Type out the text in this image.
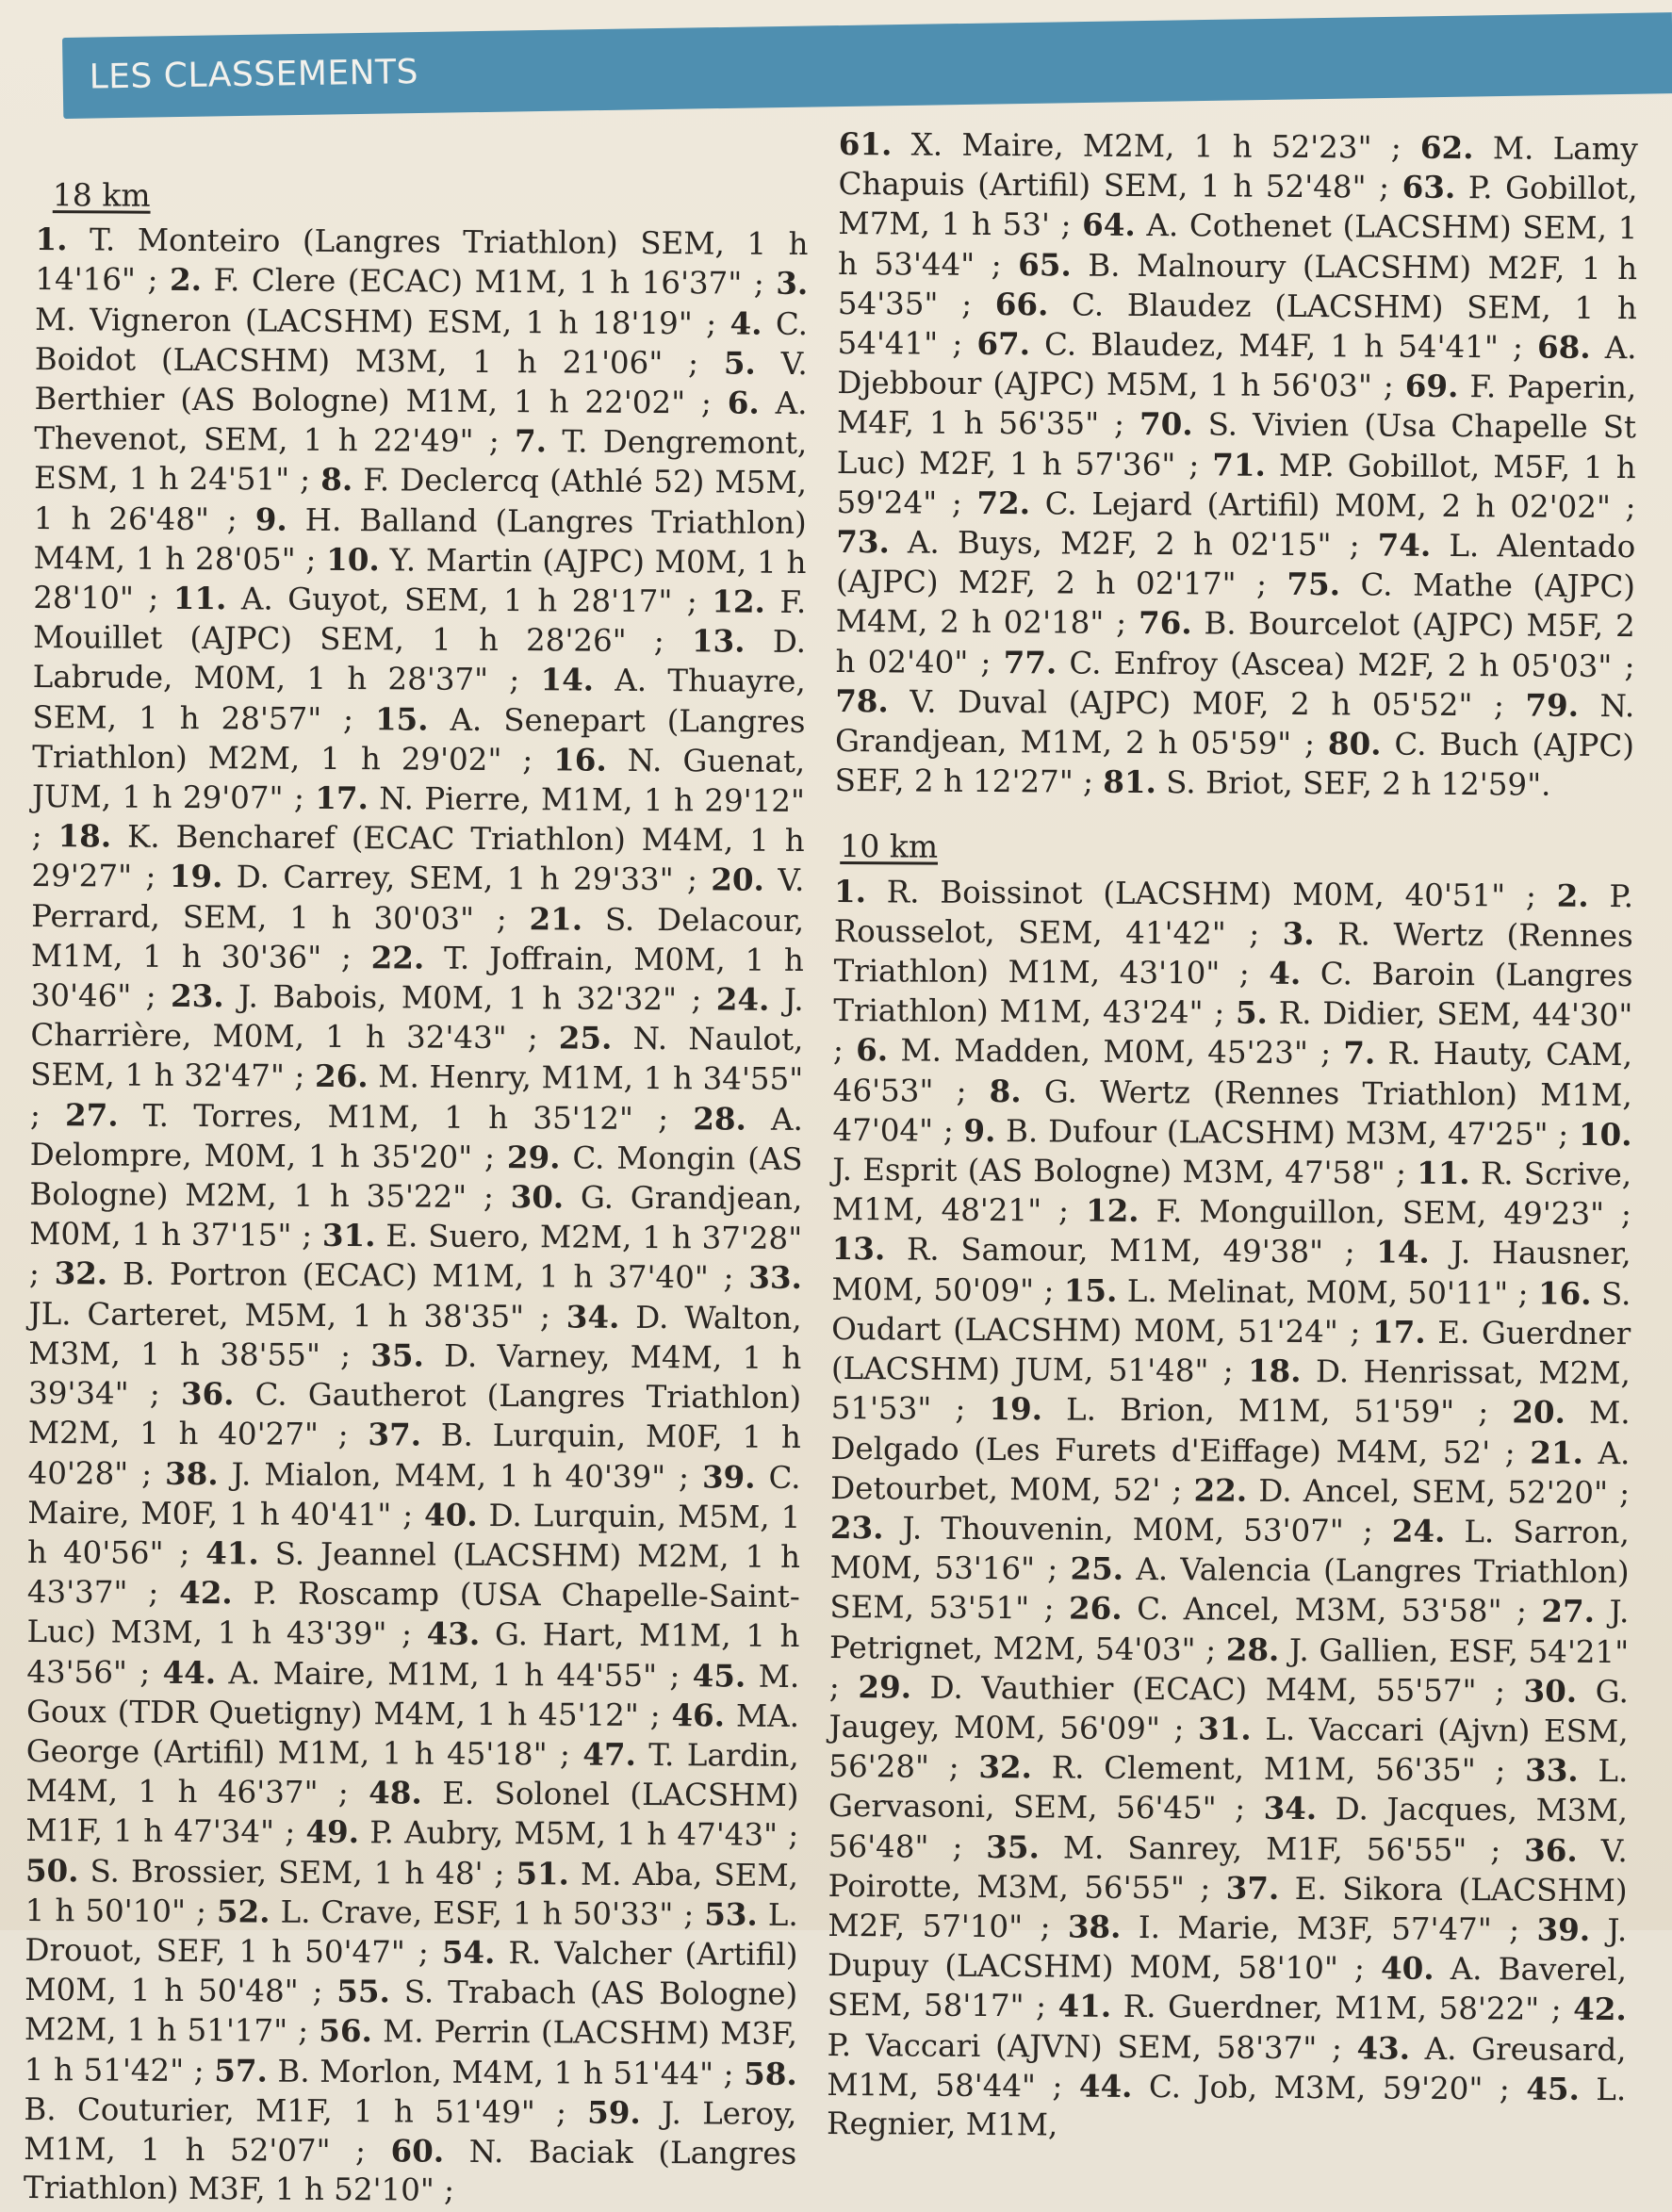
LES CLASSEMENTS
18 km

1. T. Monteiro (Langres Triathlon) SEM, 1 h 14'16" ; 2. F. Clere (ECAC) M1M, 1 h 16'37" ; 3. M. Vigneron (LACSHM) ESM, 1 h 18'19" ; 4. C. Boidot (LACSHM) M3M, 1 h 21'06" ; 5. V. Berthier (AS Bologne) M1M, 1 h 22'02" ; 6. A. Thevenot, SEM, 1 h 22'49" ; 7. T. Dengremont, ESM, 1 h 24'51" ; 8. F. Declercq (Athlé 52) M5M, 1 h 26'48" ; 9. H. Balland (Langres Triathlon) M4M, 1 h 28'05" ; 10. Y. Martin (AJPC) M0M, 1 h 28'10" ; 11. A. Guyot, SEM, 1 h 28'17" ; 12. F. Mouillet (AJPC) SEM, 1 h 28'26" ; 13. D. Labrude, M0M, 1 h 28'37" ; 14. A. Thuayre, SEM, 1 h 28'57" ; 15. A. Senepart (Langres Triathlon) M2M, 1 h 29'02" ; 16. N. Guenat, JUM, 1 h 29'07" ; 17. N. Pierre, M1M, 1 h 29'12" ; 18. K. Bencharef (ECAC Triathlon) M4M, 1 h 29'27" ; 19. D. Carrey, SEM, 1 h 29'33" ; 20. V. Perrard, SEM, 1 h 30'03" ; 21. S. Delacour, M1M, 1 h 30'36" ; 22. T. Joffrain, M0M, 1 h 30'46" ; 23. J. Babois, M0M, 1 h 32'32" ; 24. J. Charrière, M0M, 1 h 32'43" ; 25. N. Naulot, SEM, 1 h 32'47" ; 26. M. Henry, M1M, 1 h 34'55" ; 27. T. Torres, M1M, 1 h 35'12" ; 28. A. Delompre, M0M, 1 h 35'20" ; 29. C. Mongin (AS Bologne) M2M, 1 h 35'22" ; 30. G. Grandjean, M0M, 1 h 37'15" ; 31. E. Suero, M2M, 1 h 37'28" ; 32. B. Portron (ECAC) M1M, 1 h 37'40" ; 33. JL. Carteret, M5M, 1 h 38'35" ; 34. D. Walton, M3M, 1 h 38'55" ; 35. D. Varney, M4M, 1 h 39'34" ; 36. C. Gautherot (Langres Triathlon) M2M, 1 h 40'27" ; 37. B. Lurquin, M0F, 1 h 40'28" ; 38. J. Mialon, M4M, 1 h 40'39" ; 39. C. Maire, M0F, 1 h 40'41" ; 40. D. Lurquin, M5M, 1 h 40'56" ; 41. S. Jeannel (LACSHM) M2M, 1 h 43'37" ; 42. P. Roscamp (USA Chapelle-Saint-Luc) M3M, 1 h 43'39" ; 43. G. Hart, M1M, 1 h 43'56" ; 44. A. Maire, M1M, 1 h 44'55" ; 45. M. Goux (TDR Quetigny) M4M, 1 h 45'12" ; 46. MA. George (Artifil) M1M, 1 h 45'18" ; 47. T. Lardin, M4M, 1 h 46'37" ; 48. E. Solonel (LACSHM) M1F, 1 h 47'34" ; 49. P. Aubry, M5M, 1 h 47'43" ; 50. S. Brossier, SEM, 1 h 48' ; 51. M. Aba, SEM, 1 h 50'10" ; 52. L. Crave, ESF, 1 h 50'33" ; 53. L. Drouot, SEF, 1 h 50'47" ; 54. R. Valcher (Artifil) M0M, 1 h 50'48" ; 55. S. Trabach (AS Bologne) M2M, 1 h 51'17" ; 56. M. Perrin (LACSHM) M3F, 1 h 51'42" ; 57. B. Morlon, M4M, 1 h 51'44" ; 58. B. Couturier, M1F, 1 h 51'49" ; 59. J. Leroy, M1M, 1 h 52'07" ; 60. N. Baciak (Langres Triathlon) M3F, 1 h 52'10" ;

61. X. Maire, M2M, 1 h 52'23" ; 62. M. Lamy Chapuis (Artifil) SEM, 1 h 52'48" ; 63. P. Gobillot, M7M, 1 h 53' ; 64. A. Cothenet (LACSHM) SEM, 1 h 53'44" ; 65. B. Malnoury (LACSHM) M2F, 1 h 54'35" ; 66. C. Blaudez (LACSHM) SEM, 1 h 54'41" ; 67. C. Blaudez, M4F, 1 h 54'41" ; 68. A. Djebbour (AJPC) M5M, 1 h 56'03" ; 69. F. Paperin, M4F, 1 h 56'35" ; 70. S. Vivien (Usa Chapelle St Luc) M2F, 1 h 57'36" ; 71. MP. Gobillot, M5F, 1 h 59'24" ; 72. C. Lejard (Artifil) M0M, 2 h 02'02" ; 73. A. Buys, M2F, 2 h 02'15" ; 74. L. Alentado (AJPC) M2F, 2 h 02'17" ; 75. C. Mathe (AJPC) M4M, 2 h 02'18" ; 76. B. Bourcelot (AJPC) M5F, 2 h 02'40" ; 77. C. Enfroy (Ascea) M2F, 2 h 05'03" ; 78. V. Duval (AJPC) M0F, 2 h 05'52" ; 79. N. Grandjean, M1M, 2 h 05'59" ; 80. C. Buch (AJPC) SEF, 2 h 12'27" ; 81. S. Briot, SEF, 2 h 12'59".

10 km

1. R. Boissinot (LACSHM) M0M, 40'51" ; 2. P. Rousselot, SEM, 41'42" ; 3. R. Wertz (Rennes Triathlon) M1M, 43'10" ; 4. C. Baroin (Langres Triathlon) M1M, 43'24" ; 5. R. Didier, SEM, 44'30" ; 6. M. Madden, M0M, 45'23" ; 7. R. Hauty, CAM, 46'53" ; 8. G. Wertz (Rennes Triathlon) M1M, 47'04" ; 9. B. Dufour (LACSHM) M3M, 47'25" ; 10. J. Esprit (AS Bologne) M3M, 47'58" ; 11. R. Scrive, M1M, 48'21" ; 12. F. Monguillon, SEM, 49'23" ; 13. R. Samour, M1M, 49'38" ; 14. J. Hausner, M0M, 50'09" ; 15. L. Melinat, M0M, 50'11" ; 16. S. Oudart (LACSHM) M0M, 51'24" ; 17. E. Guerdner (LACSHM) JUM, 51'48" ; 18. D. Henrissat, M2M, 51'53" ; 19. L. Brion, M1M, 51'59" ; 20. M. Delgado (Les Furets d'Eiffage) M4M, 52' ; 21. A. Detourbet, M0M, 52' ; 22. D. Ancel, SEM, 52'20" ; 23. J. Thouvenin, M0M, 53'07" ; 24. L. Sarron, M0M, 53'16" ; 25. A. Valencia (Langres Triathlon) SEM, 53'51" ; 26. C. Ancel, M3M, 53'58" ; 27. J. Petrignet, M2M, 54'03" ; 28. J. Gallien, ESF, 54'21" ; 29. D. Vauthier (ECAC) M4M, 55'57" ; 30. G. Jaugey, M0M, 56'09" ; 31. L. Vaccari (Ajvn) ESM, 56'28" ; 32. R. Clement, M1M, 56'35" ; 33. L. Gervasoni, SEM, 56'45" ; 34. D. Jacques, M3M, 56'48" ; 35. M. Sanrey, M1F, 56'55" ; 36. V. Poirotte, M3M, 56'55" ; 37. E. Sikora (LACSHM) M2F, 57'10" ; 38. I. Marie, M3F, 57'47" ; 39. J. Dupuy (LACSHM) M0M, 58'10" ; 40. A. Baverel, SEM, 58'17" ; 41. R. Guerdner, M1M, 58'22" ; 42. P. Vaccari (AJVN) SEM, 58'37" ; 43. A. Greusard, M1M, 58'44" ; 44. C. Job, M3M, 59'20" ; 45. L. Regnier, M1M,
